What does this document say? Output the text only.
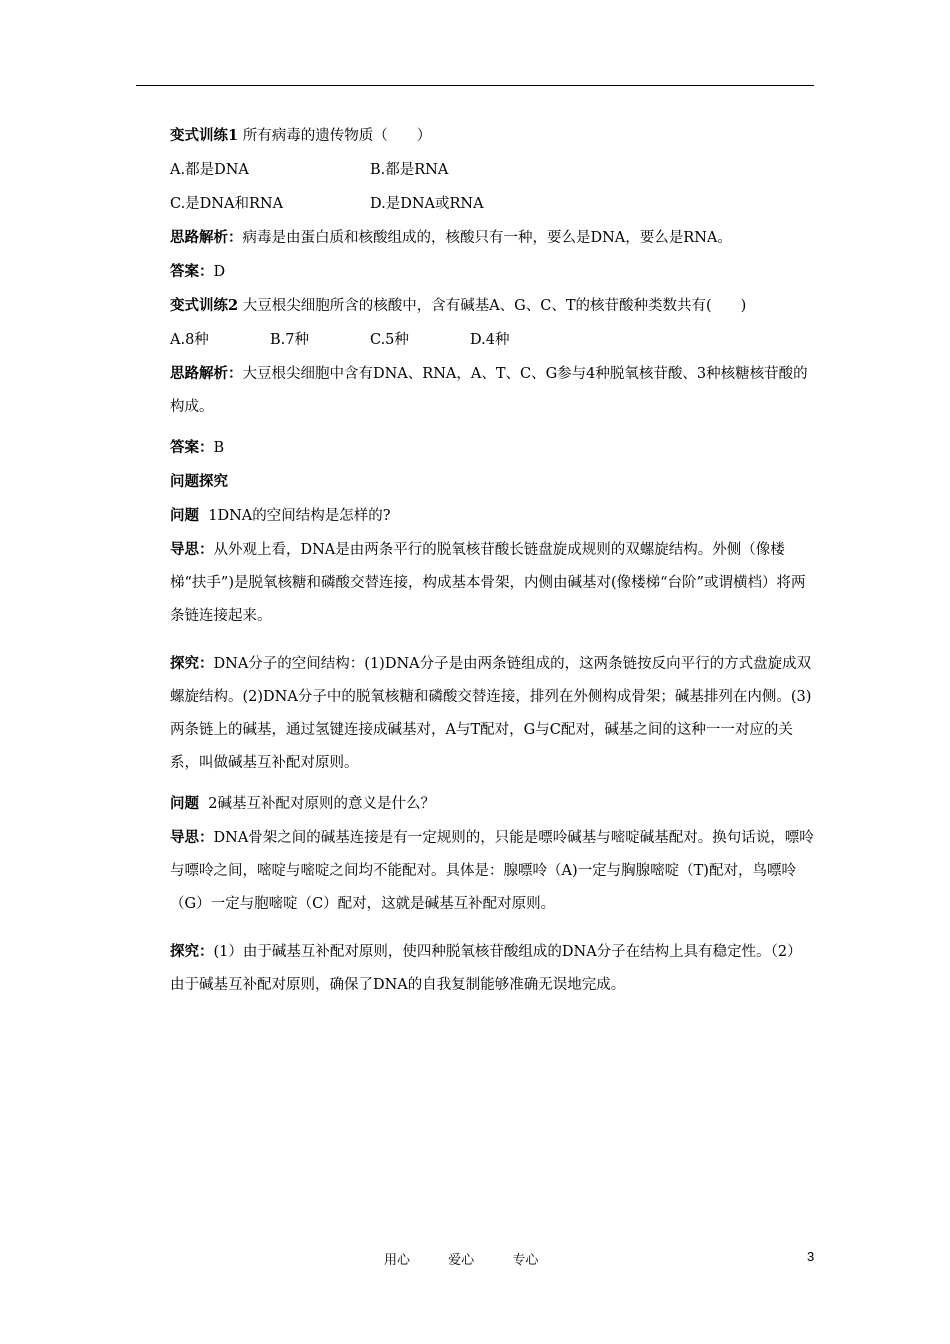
变式训练1 所有病毒的遗传物质（　　）
A.都是DNA	B.都是RNA
C.是DNA和RNA	D.是DNA或RNA
思路解析：病毒是由蛋白质和核酸组成的，核酸只有一种，要么是DNA，要么是RNA。
答案：D
变式训练2 大豆根尖细胞所含的核酸中，含有碱基A、G、C、T的核苷酸种类数共有(　　)
A.8种	B.7种	C.5种	D.4种
思路解析：大豆根尖细胞中含有DNA、RNA，A、T、C、G参与4种脱氧核苷酸、3种核糖核苷酸的构成。
答案：B
问题探究
问题 1DNA的空间结构是怎样的?
导思：从外观上看，DNA是由两条平行的脱氧核苷酸长链盘旋成规则的双螺旋结构。外侧（像楼梯“扶手”)是脱氧核糖和磷酸交替连接，构成基本骨架，内侧由碱基对(像楼梯“台阶”或谓横档）将两条链连接起来。
探究：DNA分子的空间结构：(1)DNA分子是由两条链组成的，这两条链按反向平行的方式盘旋成双螺旋结构。(2)DNA分子中的脱氧核糖和磷酸交替连接，排列在外侧构成骨架；碱基排列在内侧。(3)两条链上的碱基，通过氢键连接成碱基对，A与T配对，G与C配对，碱基之间的这种一一对应的关系，叫做碱基互补配对原则。
问题 2碱基互补配对原则的意义是什么？
导思：DNA骨架之间的碱基连接是有一定规则的，只能是嘌呤碱基与嘧啶碱基配对。换句话说，嘌呤与嘌呤之间，嘧啶与嘧啶之间均不能配对。具体是：腺嘌呤（A)一定与胸腺嘧啶（T)配对，鸟嘌呤（G）一定与胞嘧啶（C）配对，这就是碱基互补配对原则。
探究：(1）由于碱基互补配对原则，使四种脱氧核苷酸组成的DNA分子在结构上具有稳定性。（2）由于碱基互补配对原则，确保了DNA的自我复制能够准确无误地完成。
用心	爱心	专心	3
